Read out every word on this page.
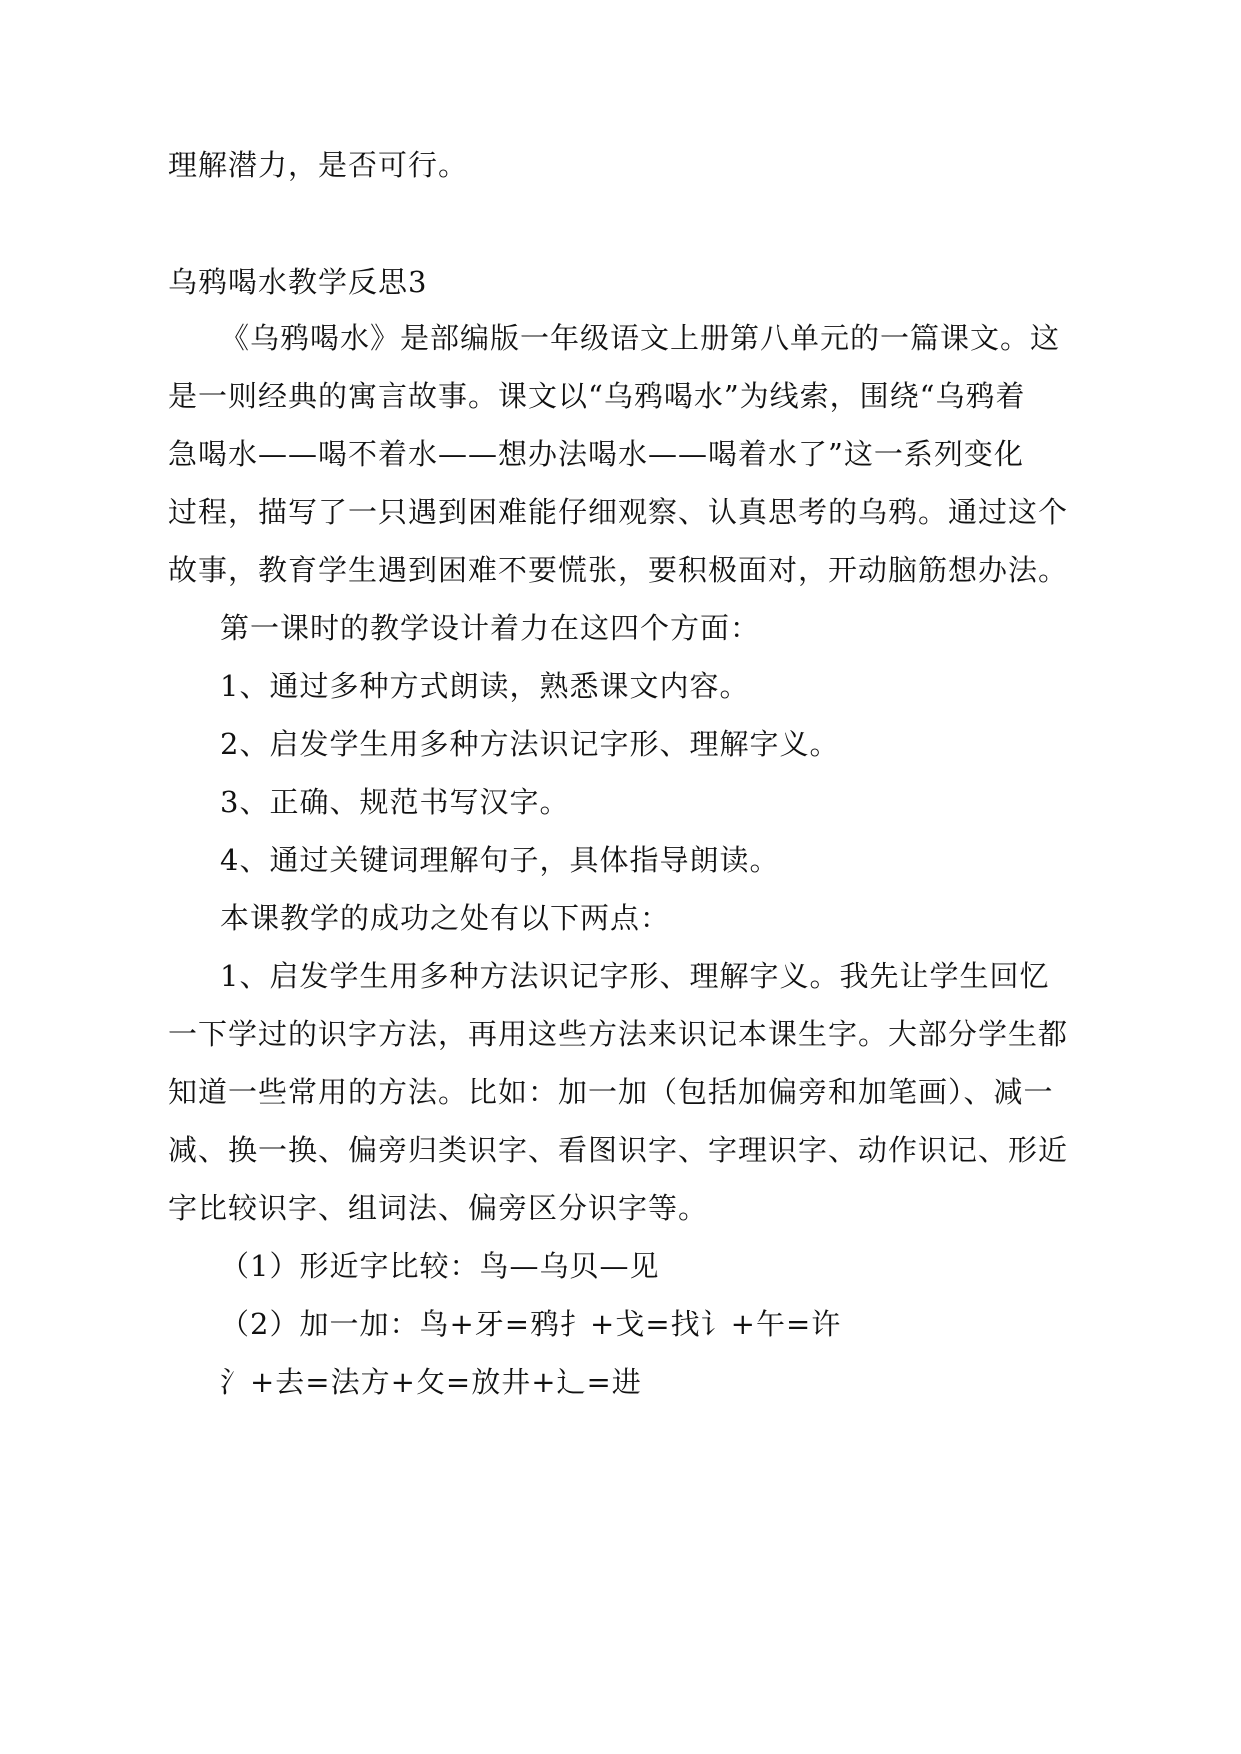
理解潜力，是否可行。
乌鸦喝水教学反思3
《乌鸦喝水》是部编版一年级语文上册第八单元的一篇课文。这
是一则经典的寓言故事。课文以“乌鸦喝水”为线索，围绕“乌鸦着
急喝水——喝不着水——想办法喝水——喝着水了”这一系列变化
过程，描写了一只遇到困难能仔细观察、认真思考的乌鸦。通过这个
故事，教育学生遇到困难不要慌张，要积极面对，开动脑筋想办法。
第一课时的教学设计着力在这四个方面：
1、通过多种方式朗读，熟悉课文内容。
2、启发学生用多种方法识记字形、理解字义。
3、正确、规范书写汉字。
4、通过关键词理解句子，具体指导朗读。
本课教学的成功之处有以下两点：
1、启发学生用多种方法识记字形、理解字义。我先让学生回忆
一下学过的识字方法，再用这些方法来识记本课生字。大部分学生都
知道一些常用的方法。比如：加一加（包括加偏旁和加笔画）、减一
减、换一换、偏旁归类识字、看图识字、字理识字、动作识记、形近
字比较识字、组词法、偏旁区分识字等。
（1）形近字比较：鸟—乌贝—见
（2）加一加：鸟+牙=鸦扌+戈=找讠+午=许
氵+去=法方+攵=放井+辶=进
